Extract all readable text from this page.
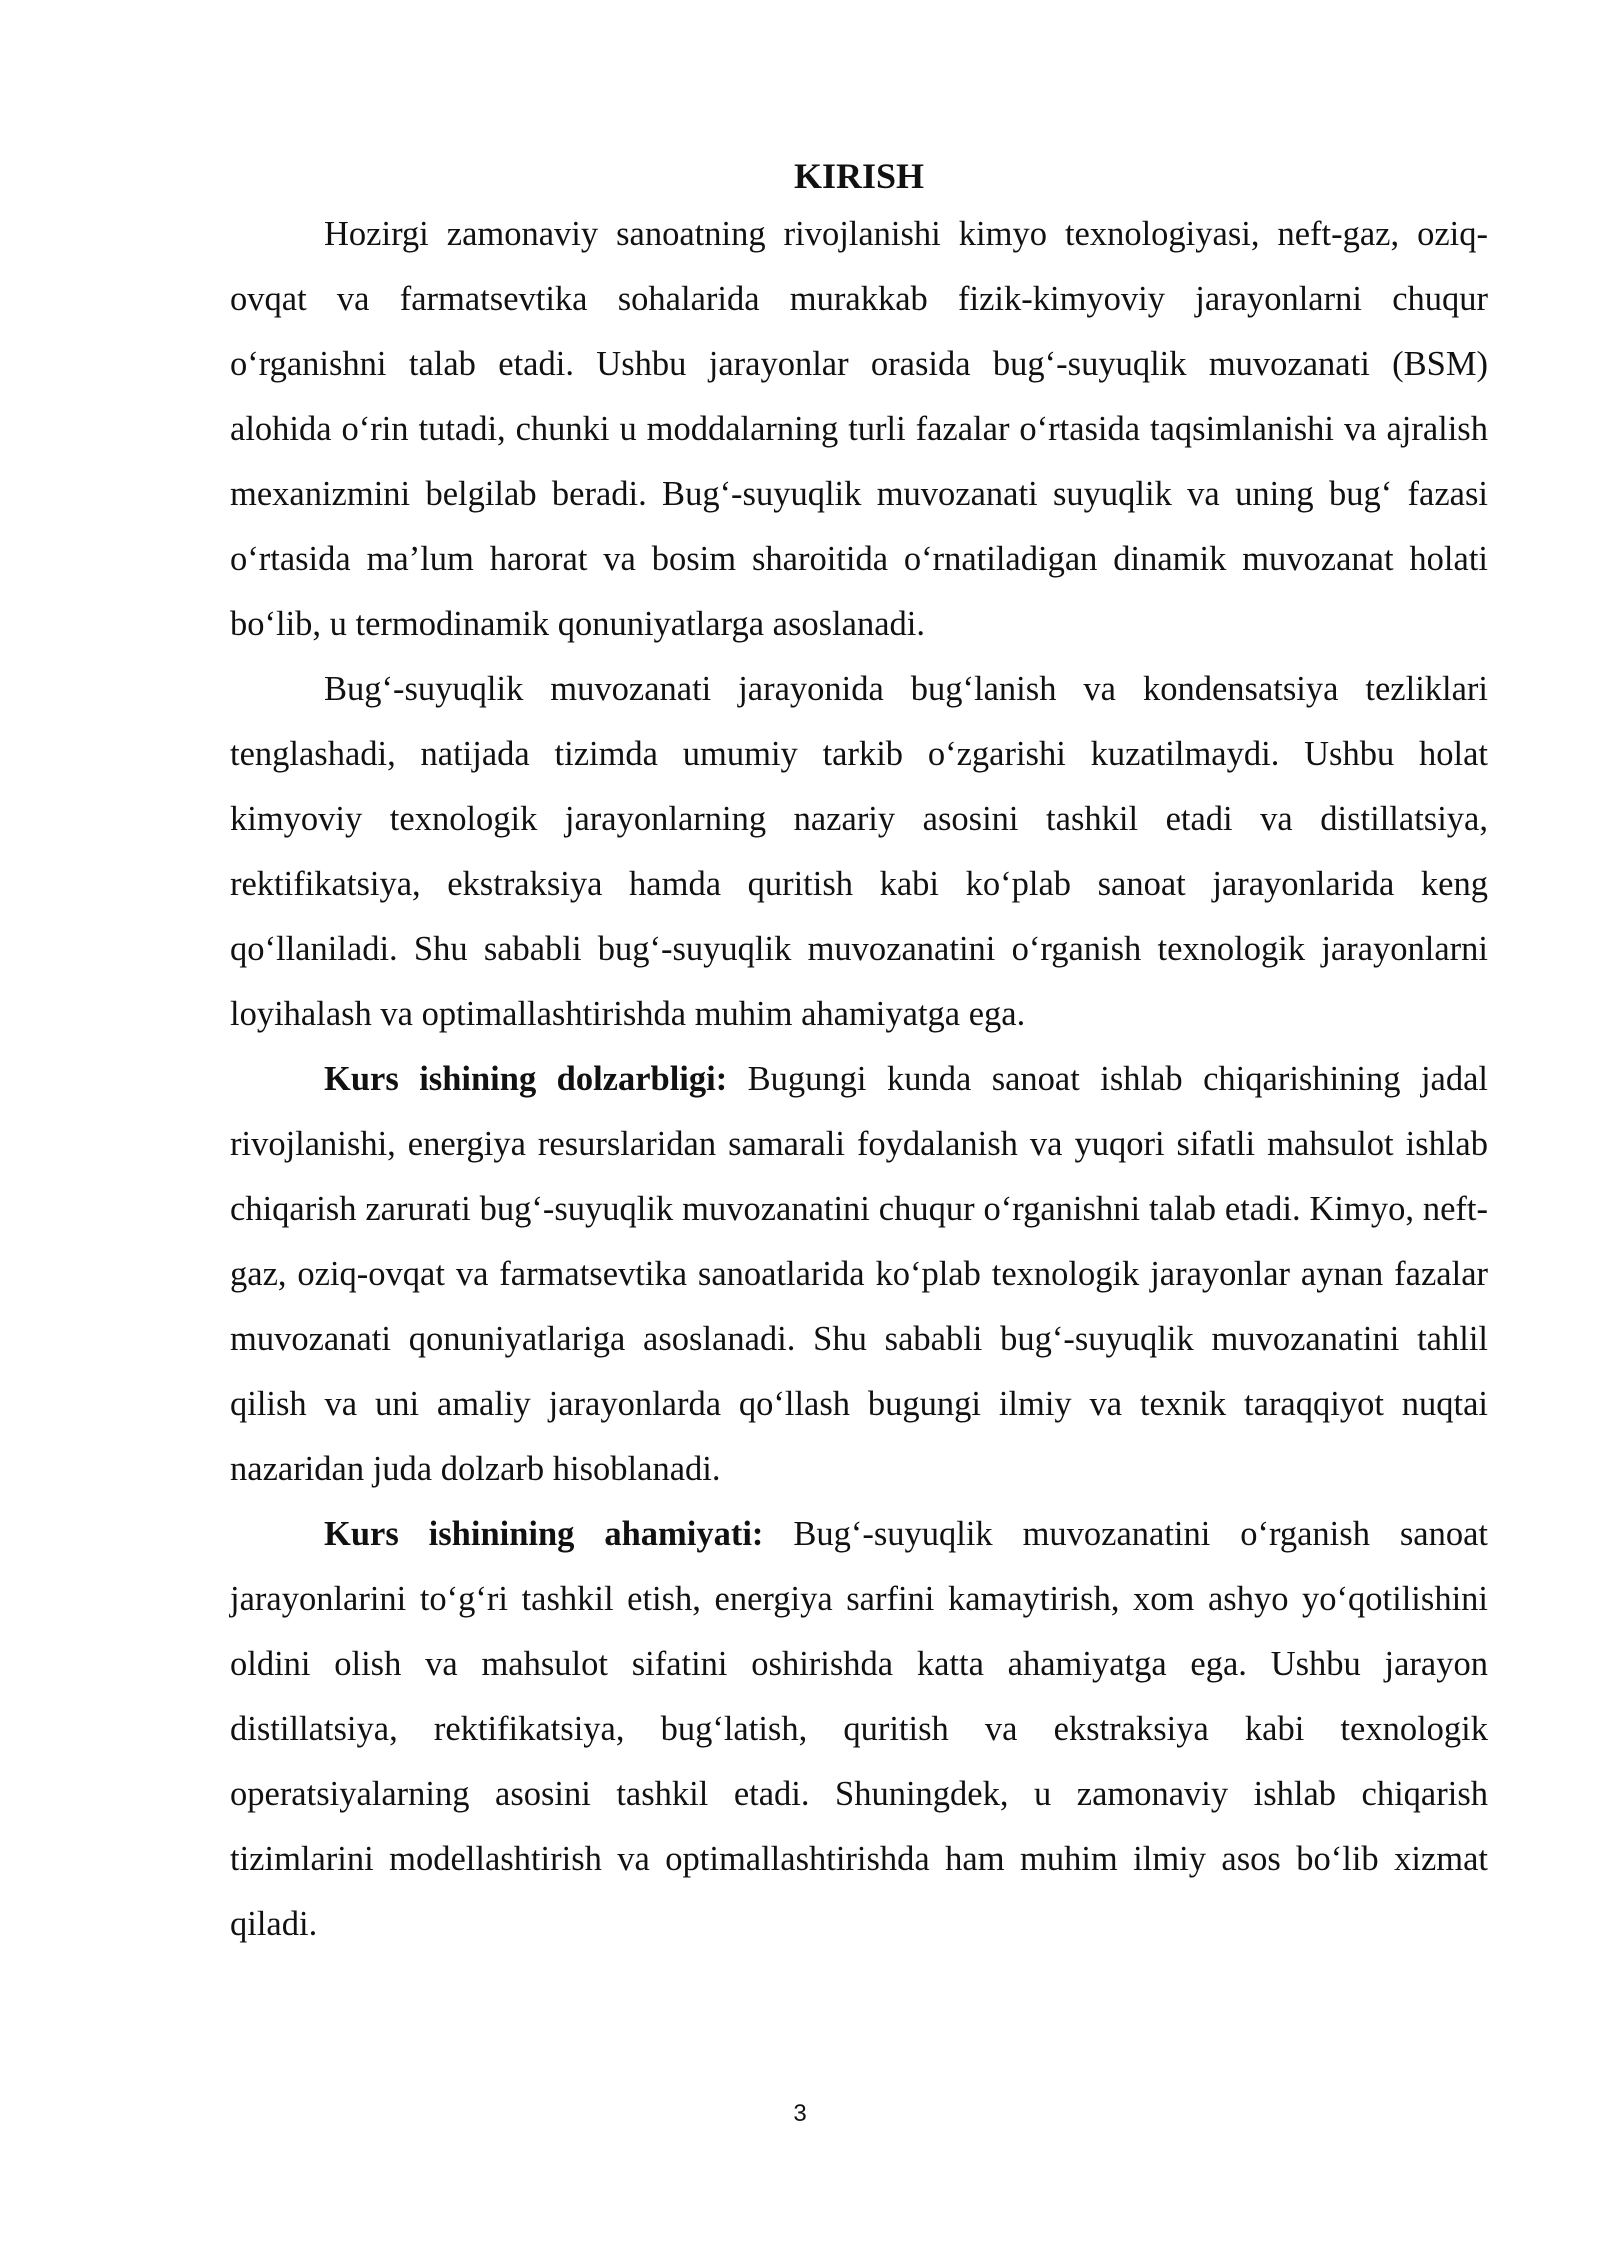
KIRISH

Hozirgi zamonaviy sanoatning rivojlanishi kimyo texnologiyasi, neft-gaz, oziq-ovqat va farmatsevtika sohalarida murakkab fizik-kimyoviy jarayonlarni chuqur o‘rganishni talab etadi. Ushbu jarayonlar orasida bug‘-suyuqlik muvozanati (BSM) alohida o‘rin tutadi, chunki u moddalarning turli fazalar o‘rtasida taqsimlanishi va ajralish mexanizmini belgilab beradi. Bug‘-suyuqlik muvozanati suyuqlik va uning bug‘ fazasi o‘rtasida ma’lum harorat va bosim sharoitida o‘rnatiladigan dinamik muvozanat holati bo‘lib, u termodinamik qonuniyatlarga asoslanadi.

Bug‘-suyuqlik muvozanati jarayonida bug‘lanish va kondensatsiya tezliklari tenglashadi, natijada tizimda umumiy tarkib o‘zgarishi kuzatilmaydi. Ushbu holat kimyoviy texnologik jarayonlarning nazariy asosini tashkil etadi va distillatsiya, rektifikatsiya, ekstraksiya hamda quritish kabi ko‘plab sanoat jarayonlarida keng qo‘llaniladi. Shu sababli bug‘-suyuqlik muvozanatini o‘rganish texnologik jarayonlarni loyihalash va optimallashtirishda muhim ahamiyatga ega.

Kurs ishining dolzarbligi: Bugungi kunda sanoat ishlab chiqarishining jadal rivojlanishi, energiya resurslaridan samarali foydalanish va yuqori sifatli mahsulot ishlab chiqarish zarurati bug‘-suyuqlik muvozanatini chuqur o‘rganishni talab etadi. Kimyo, neft-gaz, oziq-ovqat va farmatsevtika sanoatlarida ko‘plab texnologik jarayonlar aynan fazalar muvozanati qonuniyatlariga asoslanadi. Shu sababli bug‘-suyuqlik muvozanatini tahlil qilish va uni amaliy jarayonlarda qo‘llash bugungi ilmiy va texnik taraqqiyot nuqtai nazaridan juda dolzarb hisoblanadi.

Kurs ishinining ahamiyati: Bug‘-suyuqlik muvozanatini o‘rganish sanoat jarayonlarini to‘g‘ri tashkil etish, energiya sarfini kamaytirish, xom ashyo yo‘qotilishini oldini olish va mahsulot sifatini oshirishda katta ahamiyatga ega. Ushbu jarayon distillatsiya, rektifikatsiya, bug‘latish, quritish va ekstraksiya kabi texnologik operatsiyalarning asosini tashkil etadi. Shuningdek, u zamonaviy ishlab chiqarish tizimlarini modellashtirish va optimallashtirishda ham muhim ilmiy asos bo‘lib xizmat qiladi.

3
